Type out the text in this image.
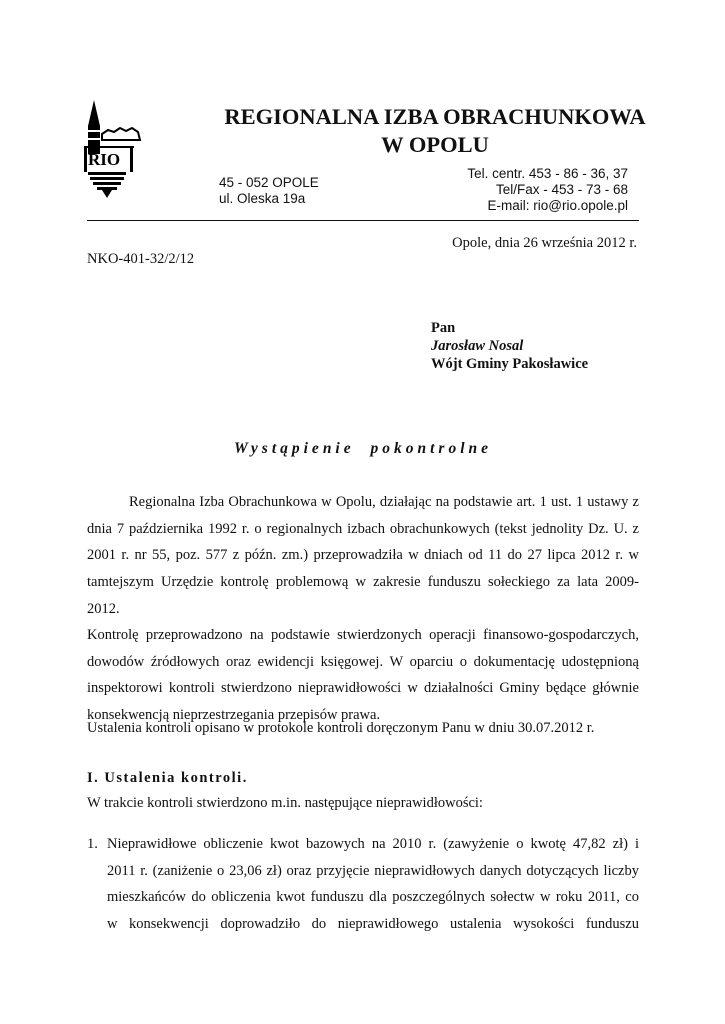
RIO
REGIONALNA IZBA OBRACHUNKOWA
W OPOLU
45 - 052 OPOLE
ul. Oleska 19a
Tel. centr. 453 - 86 - 36, 37
Tel/Fax - 453 - 73 - 68
E-mail: rio@rio.opole.pl
Opole, dnia 26 września 2012 r.
NKO-401-32/2/12
Pan
Jarosław Nosal
Wójt Gminy Pakosławice
Wystąpienie pokontrolne
Regionalna Izba Obrachunkowa w Opolu, działając na podstawie art. 1 ust. 1 ustawy z
dnia 7 października 1992 r. o regionalnych izbach obrachunkowych (tekst jednolity Dz. U. z
2001 r. nr 55, poz. 577 z późn. zm.) przeprowadziła w dniach od 11 do 27 lipca 2012 r. w
tamtejszym Urzędzie kontrolę problemową w zakresie funduszu sołeckiego za lata 2009-
2012.
Kontrolę przeprowadzono na podstawie stwierdzonych operacji finansowo-gospodarczych,
dowodów źródłowych oraz ewidencji księgowej. W oparciu o dokumentację udostępnioną
inspektorowi kontroli stwierdzono nieprawidłowości w działalności Gminy będące głównie
konsekwencją nieprzestrzegania przepisów prawa.
Ustalenia kontroli opisano w protokole kontroli doręczonym Panu w dniu 30.07.2012 r.
I. Ustalenia kontroli.
W trakcie kontroli stwierdzono m.in. następujące nieprawidłowości:
1. Nieprawidłowe obliczenie kwot bazowych na 2010 r. (zawyżenie o kwotę 47,82 zł) i
2011 r. (zaniżenie o 23,06 zł) oraz przyjęcie nieprawidłowych danych dotyczących liczby
mieszkańców do obliczenia kwot funduszu dla poszczególnych sołectw w roku 2011, co
w konsekwencji doprowadziło do nieprawidłowego ustalenia wysokości funduszu
